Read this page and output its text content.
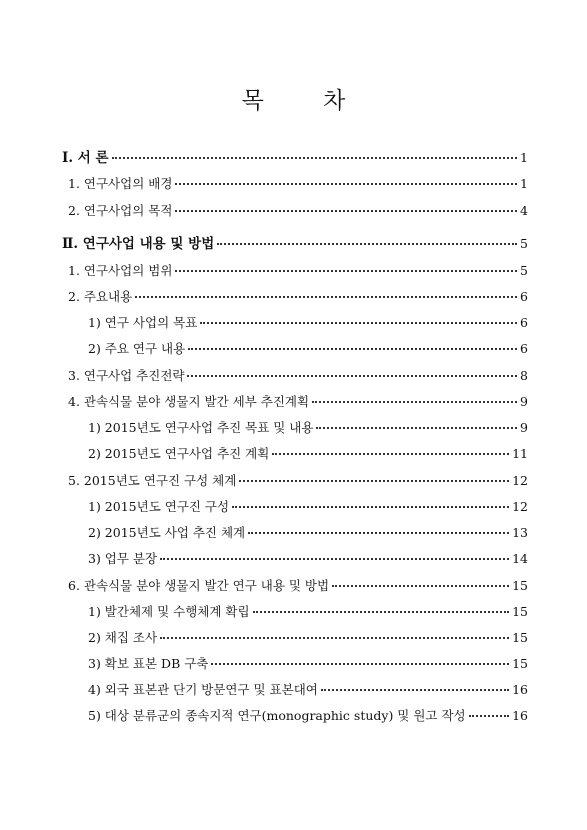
목 차
Ⅰ. 서 론	1
1. 연구사업의 배경	1
2. 연구사업의 목적	4
Ⅱ. 연구사업 내용 및 방법	5
1. 연구사업의 범위	5
2. 주요내용	6
1) 연구 사업의 목표	6
2) 주요 연구 내용	6
3. 연구사업 추진전략	8
4. 관속식물 분야 생물지 발간 세부 추진계획	9
1) 2015년도 연구사업 추진 목표 및 내용	9
2) 2015년도 연구사업 추진 계획	11
5. 2015년도 연구진 구성 체계	12
1) 2015년도 연구진 구성	12
2) 2015년도 사업 추진 체계	13
3) 업무 분장	14
6. 관속식물 분야 생물지 발간 연구 내용 및 방법	15
1) 발간체제 및 수행체계 확립	15
2) 채집 조사	15
3) 확보 표본 DB 구축	15
4) 외국 표본관 단기 방문연구 및 표본대여	16
5) 대상 분류군의 종속지적 연구(monographic study) 및 원고 작성	16
